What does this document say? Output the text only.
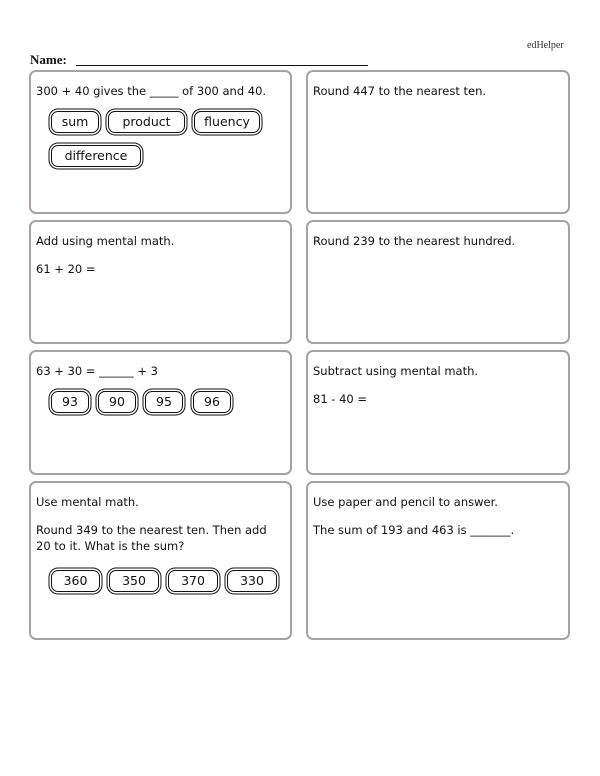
edHelper
Name:

300 + 40 gives the _____ of 300 and 40.

sum	product	fluency
difference

Round 447 to the nearest ten.

Add using mental math.

61 + 20 =

Round 239 to the nearest hundred.

63 + 30 = ______ + 3

93	90	95	96

Subtract using mental math.

81 - 40 =

Use mental math.

Round 349 to the nearest ten. Then add 20 to it. What is the sum?

360	350	370	330

Use paper and pencil to answer.

The sum of 193 and 463 is _______.
